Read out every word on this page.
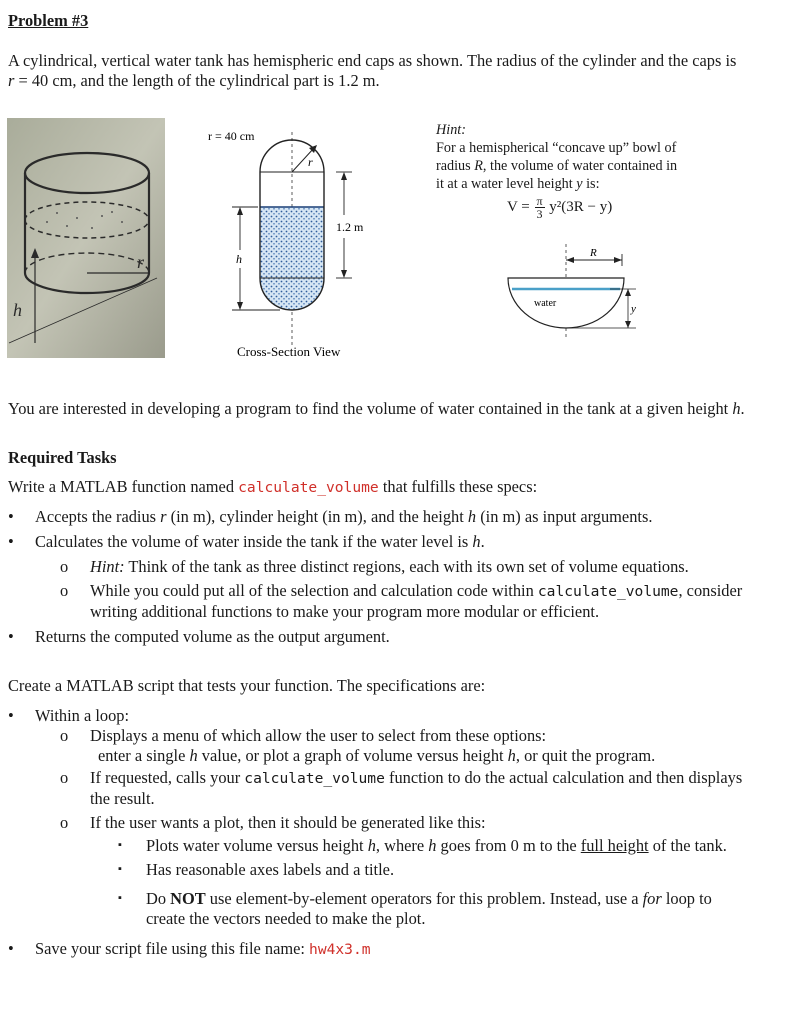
Problem #3
A cylindrical, vertical water tank has hemispheric end caps as shown. The radius of the cylinder and the caps is
r = 40 cm, and the length of the cylindrical part is 1.2 m.
h
r
r = 40 cm
r
1.2 m
h
Cross-Section View
Hint:
For a hemispherical “concave up” bowl of
radius R, the volume of water contained in
it at a water level height y is:
$V = \frac{\pi}{3} y^2(3R - y)$
R
water	y
You are interested in developing a program to find the volume of water contained in the tank at a given height h.
Required Tasks
Write a MATLAB function named calculate_volume that fulfills these specs:
•	Accepts the radius r (in m), cylinder height (in m), and the height h (in m) as input arguments.
•	Calculates the volume of water inside the tank if the water level is h.
o Hint: Think of the tank as three distinct regions, each with its own set of volume equations.
o While you could put all of the selection and calculation code within calculate_volume, consider
writing additional functions to make your program more modular or efficient.
•	Returns the computed volume as the output argument.
Create a MATLAB script that tests your function. The specifications are:
•	Within a loop:
o Displays a menu of which allow the user to select from these options:
enter a single h value, or plot a graph of volume versus height h, or quit the program.
o If requested, calls your calculate_volume function to do the actual calculation and then displays
the result.
o If the user wants a plot, then it should be generated like this:
▪ Plots water volume versus height h, where h goes from 0 m to the full height of the tank.
▪ Has reasonable axes labels and a title.
▪ Do NOT use element-by-element operators for this problem. Instead, use a for loop to
create the vectors needed to make the plot.
•	Save your script file using this file name: hw4x3.m
